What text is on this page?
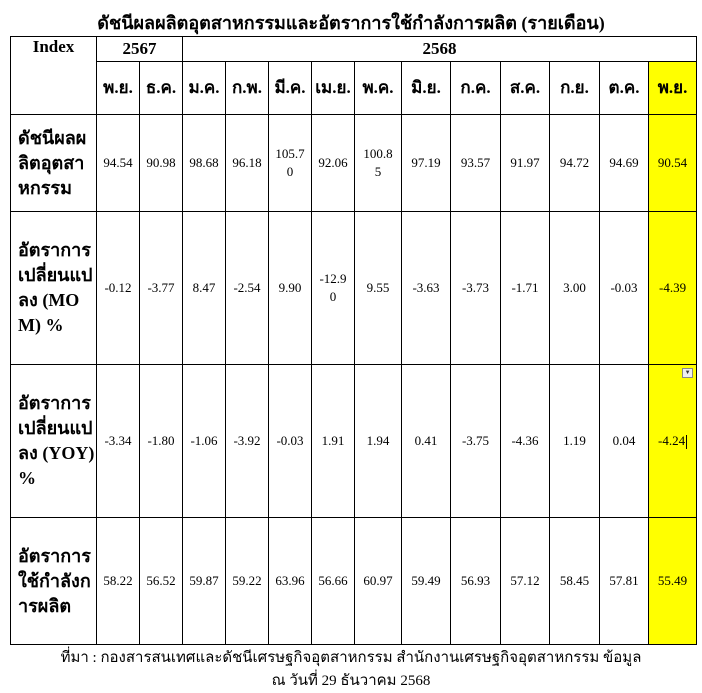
ดัชนีผลผลิตอุตสาหกรรมและอัตราการใช้กำลังการผลิต (รายเดือน)
Index	2567		2568										
	พ.ย.	ธ.ค.	ม.ค.	ก.พ.	มี.ค.	เม.ย.	พ.ค.	มิ.ย.	ก.ค.	ส.ค.	ก.ย.	ต.ค.	พ.ย.
ดัชนีผลผลิตอุตสาหกรรม	94.54	90.98	98.68	96.18	105.70	92.06	100.85	97.19	93.57	91.97	94.72	94.69	90.54
อัตราการเปลี่ยนแปลง (MOM) %	-0.12	-3.77	8.47	-2.54	9.90	-12.90	9.55	-3.63	-3.73	-1.71	3.00	-0.03	-4.39
อัตราการเปลี่ยนแปลง (YOY) %	-3.34	-1.80	-1.06	-3.92	-0.03	1.91	1.94	0.41	-3.75	-4.36	1.19	0.04	-4.24
▼

อัตราการใช้กำลังการผลิต	58.22	56.52	59.87	59.22	63.96	56.66	60.97	59.49	56.93	57.12	58.45	57.81	55.49
ที่มา : กองสารสนเทศและดัชนีเศรษฐกิจอุตสาหกรรม สำนักงานเศรษฐกิจอุตสาหกรรม ข้อมูล
ณ วันที่ 29 ธันวาคม 2568
